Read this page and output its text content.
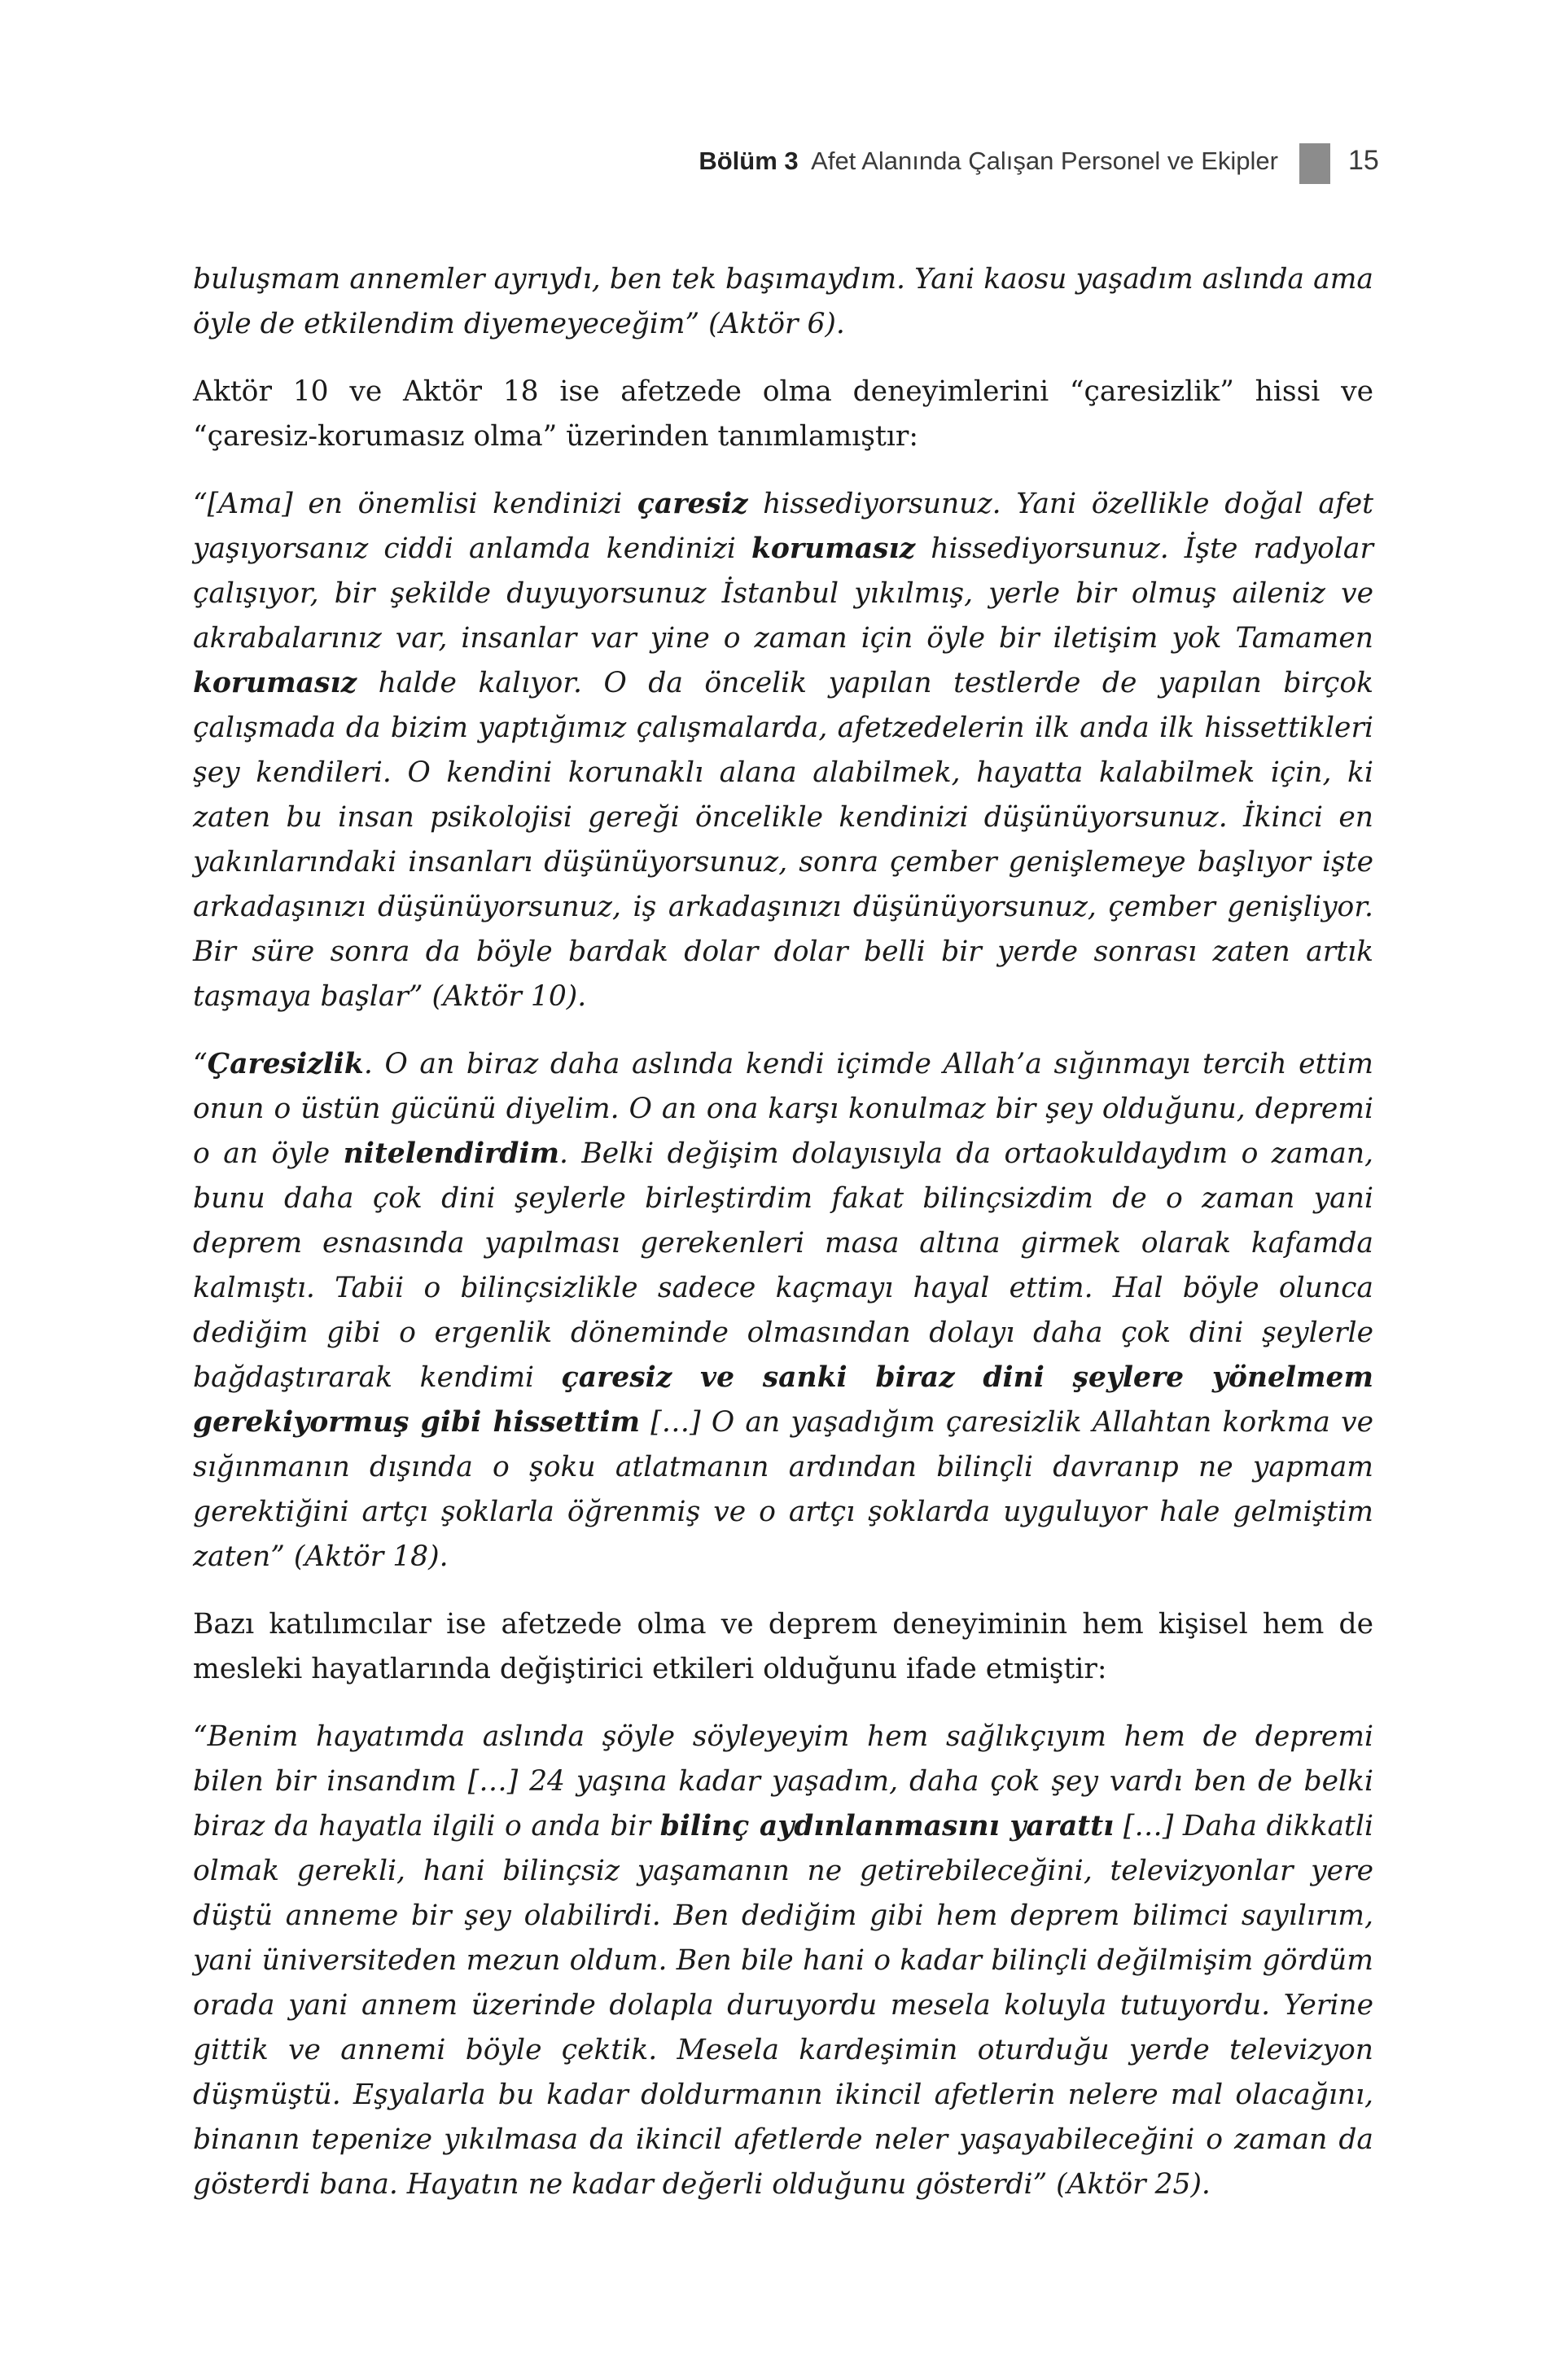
Bölüm 3 Afet Alanında Çalışan Personel ve Ekipler	15

buluşmam annemler ayrıydı, ben tek başımaydım. Yani kaosu yaşadım aslında ama öyle de etkilendim diyemeyeceğim” (Aktör 6).

Aktör 10 ve Aktör 18 ise afetzede olma deneyimlerini “çaresizlik” hissi ve “çaresiz-korumasız olma” üzerinden tanımlamıştır:

“[Ama] en önemlisi kendinizi çaresiz hissediyorsunuz. Yani özellikle doğal afet yaşıyorsanız ciddi anlamda kendinizi korumasız hissediyorsunuz. İşte radyolar çalışıyor, bir şekilde duyuyorsunuz İstanbul yıkılmış, yerle bir olmuş aileniz ve akrabalarınız var, insanlar var yine o zaman için öyle bir iletişim yok Tamamen korumasız halde kalıyor. O da öncelik yapılan testlerde de yapılan birçok çalışmada da bizim yaptığımız çalışmalarda, afetzedelerin ilk anda ilk hissettikleri şey kendileri. O kendini korunaklı alana alabilmek, hayatta kalabilmek için, ki zaten bu insan psikolojisi gereği öncelikle kendinizi düşünüyorsunuz. İkinci en yakınlarındaki insanları düşünüyorsunuz, sonra çember genişlemeye başlıyor işte arkadaşınızı düşünüyorsunuz, iş arkadaşınızı düşünüyorsunuz, çember genişliyor. Bir süre sonra da böyle bardak dolar dolar belli bir yerde sonrası zaten artık taşmaya başlar” (Aktör 10).

“Çaresizlik. O an biraz daha aslında kendi içimde Allah’a sığınmayı tercih ettim onun o üstün gücünü diyelim. O an ona karşı konulmaz bir şey olduğunu, depremi o an öyle nitelendirdim. Belki değişim dolayısıyla da ortaokuldaydım o zaman, bunu daha çok dini şeylerle birleştirdim fakat bilinçsizdim de o zaman yani deprem esnasında yapılması gerekenleri masa altına girmek olarak kafamda kalmıştı. Tabii o bilinçsizlikle sadece kaçmayı hayal ettim. Hal böyle olunca dediğim gibi o ergenlik döneminde olmasından dolayı daha çok dini şeylerle bağdaştırarak kendimi çaresiz ve sanki biraz dini şeylere yönelmem gerekiyormuş gibi hissettim […] O an yaşadığım çaresizlik Allahtan korkma ve sığınmanın dışında o şoku atlatmanın ardından bilinçli davranıp ne yapmam gerektiğini artçı şoklarla öğrenmiş ve o artçı şoklarda uyguluyor hale gelmiştim zaten” (Aktör 18).

Bazı katılımcılar ise afetzede olma ve deprem deneyiminin hem kişisel hem de mesleki hayatlarında değiştirici etkileri olduğunu ifade etmiştir:

“Benim hayatımda aslında şöyle söyleyeyim hem sağlıkçıyım hem de depremi bilen bir insandım […] 24 yaşına kadar yaşadım, daha çok şey vardı ben de belki biraz da hayatla ilgili o anda bir bilinç aydınlanmasını yarattı […] Daha dikkatli olmak gerekli, hani bilinçsiz yaşamanın ne getirebileceğini, televizyonlar yere düştü anneme bir şey olabilirdi. Ben dediğim gibi hem deprem bilimci sayılırım, yani üniversiteden mezun oldum. Ben bile hani o kadar bilinçli değilmişim gördüm orada yani annem üzerinde dolapla duruyordu mesela koluyla tutuyordu. Yerine gittik ve annemi böyle çektik. Mesela kardeşimin oturduğu yerde televizyon düşmüştü. Eşyalarla bu kadar doldurmanın ikincil afetlerin nelere mal olacağını, binanın tepenize yıkılmasa da ikincil afetlerde neler yaşayabileceğini o zaman da gösterdi bana. Hayatın ne kadar değerli olduğunu gösterdi” (Aktör 25).
